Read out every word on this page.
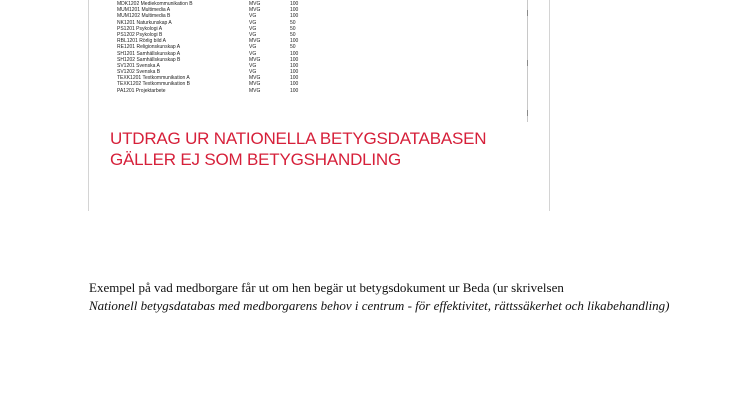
MDK1202 Mediekommunikation B	MVG	100
MUM1201 Multimedia A	MVG	100
MUM1202 Multimedia B	VG	100
NK1201 Naturkunskap A	VG	50
PS1201 Psykologi A	VG	50
PS1202 Psykologi B	VG	50
RBL1201 Rörlig bild A	MVG	100
RE1201 Religionskunskap A	VG	50
SH1201 Samhällskunskap A	VG	100
SH1202 Samhällskunskap B	MVG	100
SV1201 Svenska A	VG	100
SV1202 Svenska B	VG	100
TEXK1201 Textkommunikation A	MVG	100
TEXK1202 Textkommunikation B	MVG	100
PA1201 Projektarbete	MVG	100
UTDRAG UR NATIONELLA BETYGSDATABASEN
GÄLLER EJ SOM BETYGSHANDLING
Exempel på vad medborgare får ut om hen begär ut betygsdokument ur Beda (ur skrivelsen
Nationell betygsdatabas med medborgarens behov i centrum - för effektivitet, rättssäkerhet och likabehandling)
